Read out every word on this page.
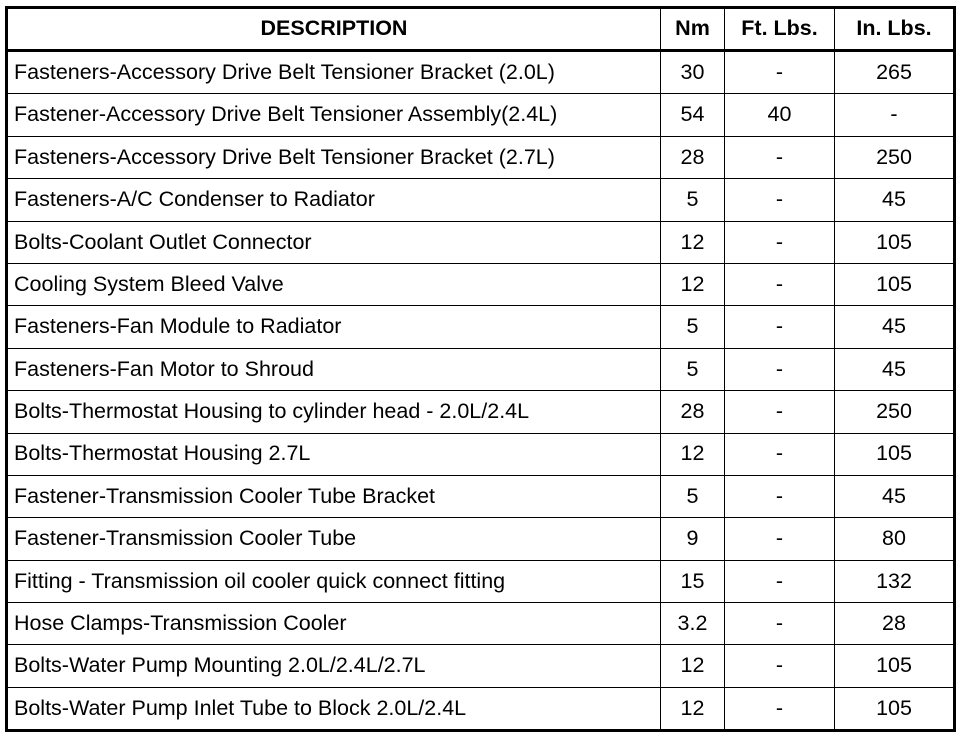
DESCRIPTION	Nm	Ft. Lbs.	In. Lbs.
Fasteners-Accessory Drive Belt Tensioner Bracket (2.0L)	30	-	265
Fastener-Accessory Drive Belt Tensioner Assembly(2.4L)	54	40	-
Fasteners-Accessory Drive Belt Tensioner Bracket (2.7L)	28	-	250
Fasteners-A/C Condenser to Radiator	5	-	45
Bolts-Coolant Outlet Connector	12	-	105
Cooling System Bleed Valve	12	-	105
Fasteners-Fan Module to Radiator	5	-	45
Fasteners-Fan Motor to Shroud	5	-	45
Bolts-Thermostat Housing to cylinder head - 2.0L/2.4L	28	-	250
Bolts-Thermostat Housing 2.7L	12	-	105
Fastener-Transmission Cooler Tube Bracket	5	-	45
Fastener-Transmission Cooler Tube	9	-	80
Fitting - Transmission oil cooler quick connect fitting	15	-	132
Hose Clamps-Transmission Cooler	3.2	-	28
Bolts-Water Pump Mounting 2.0L/2.4L/2.7L	12	-	105
Bolts-Water Pump Inlet Tube to Block 2.0L/2.4L	12	-	105
